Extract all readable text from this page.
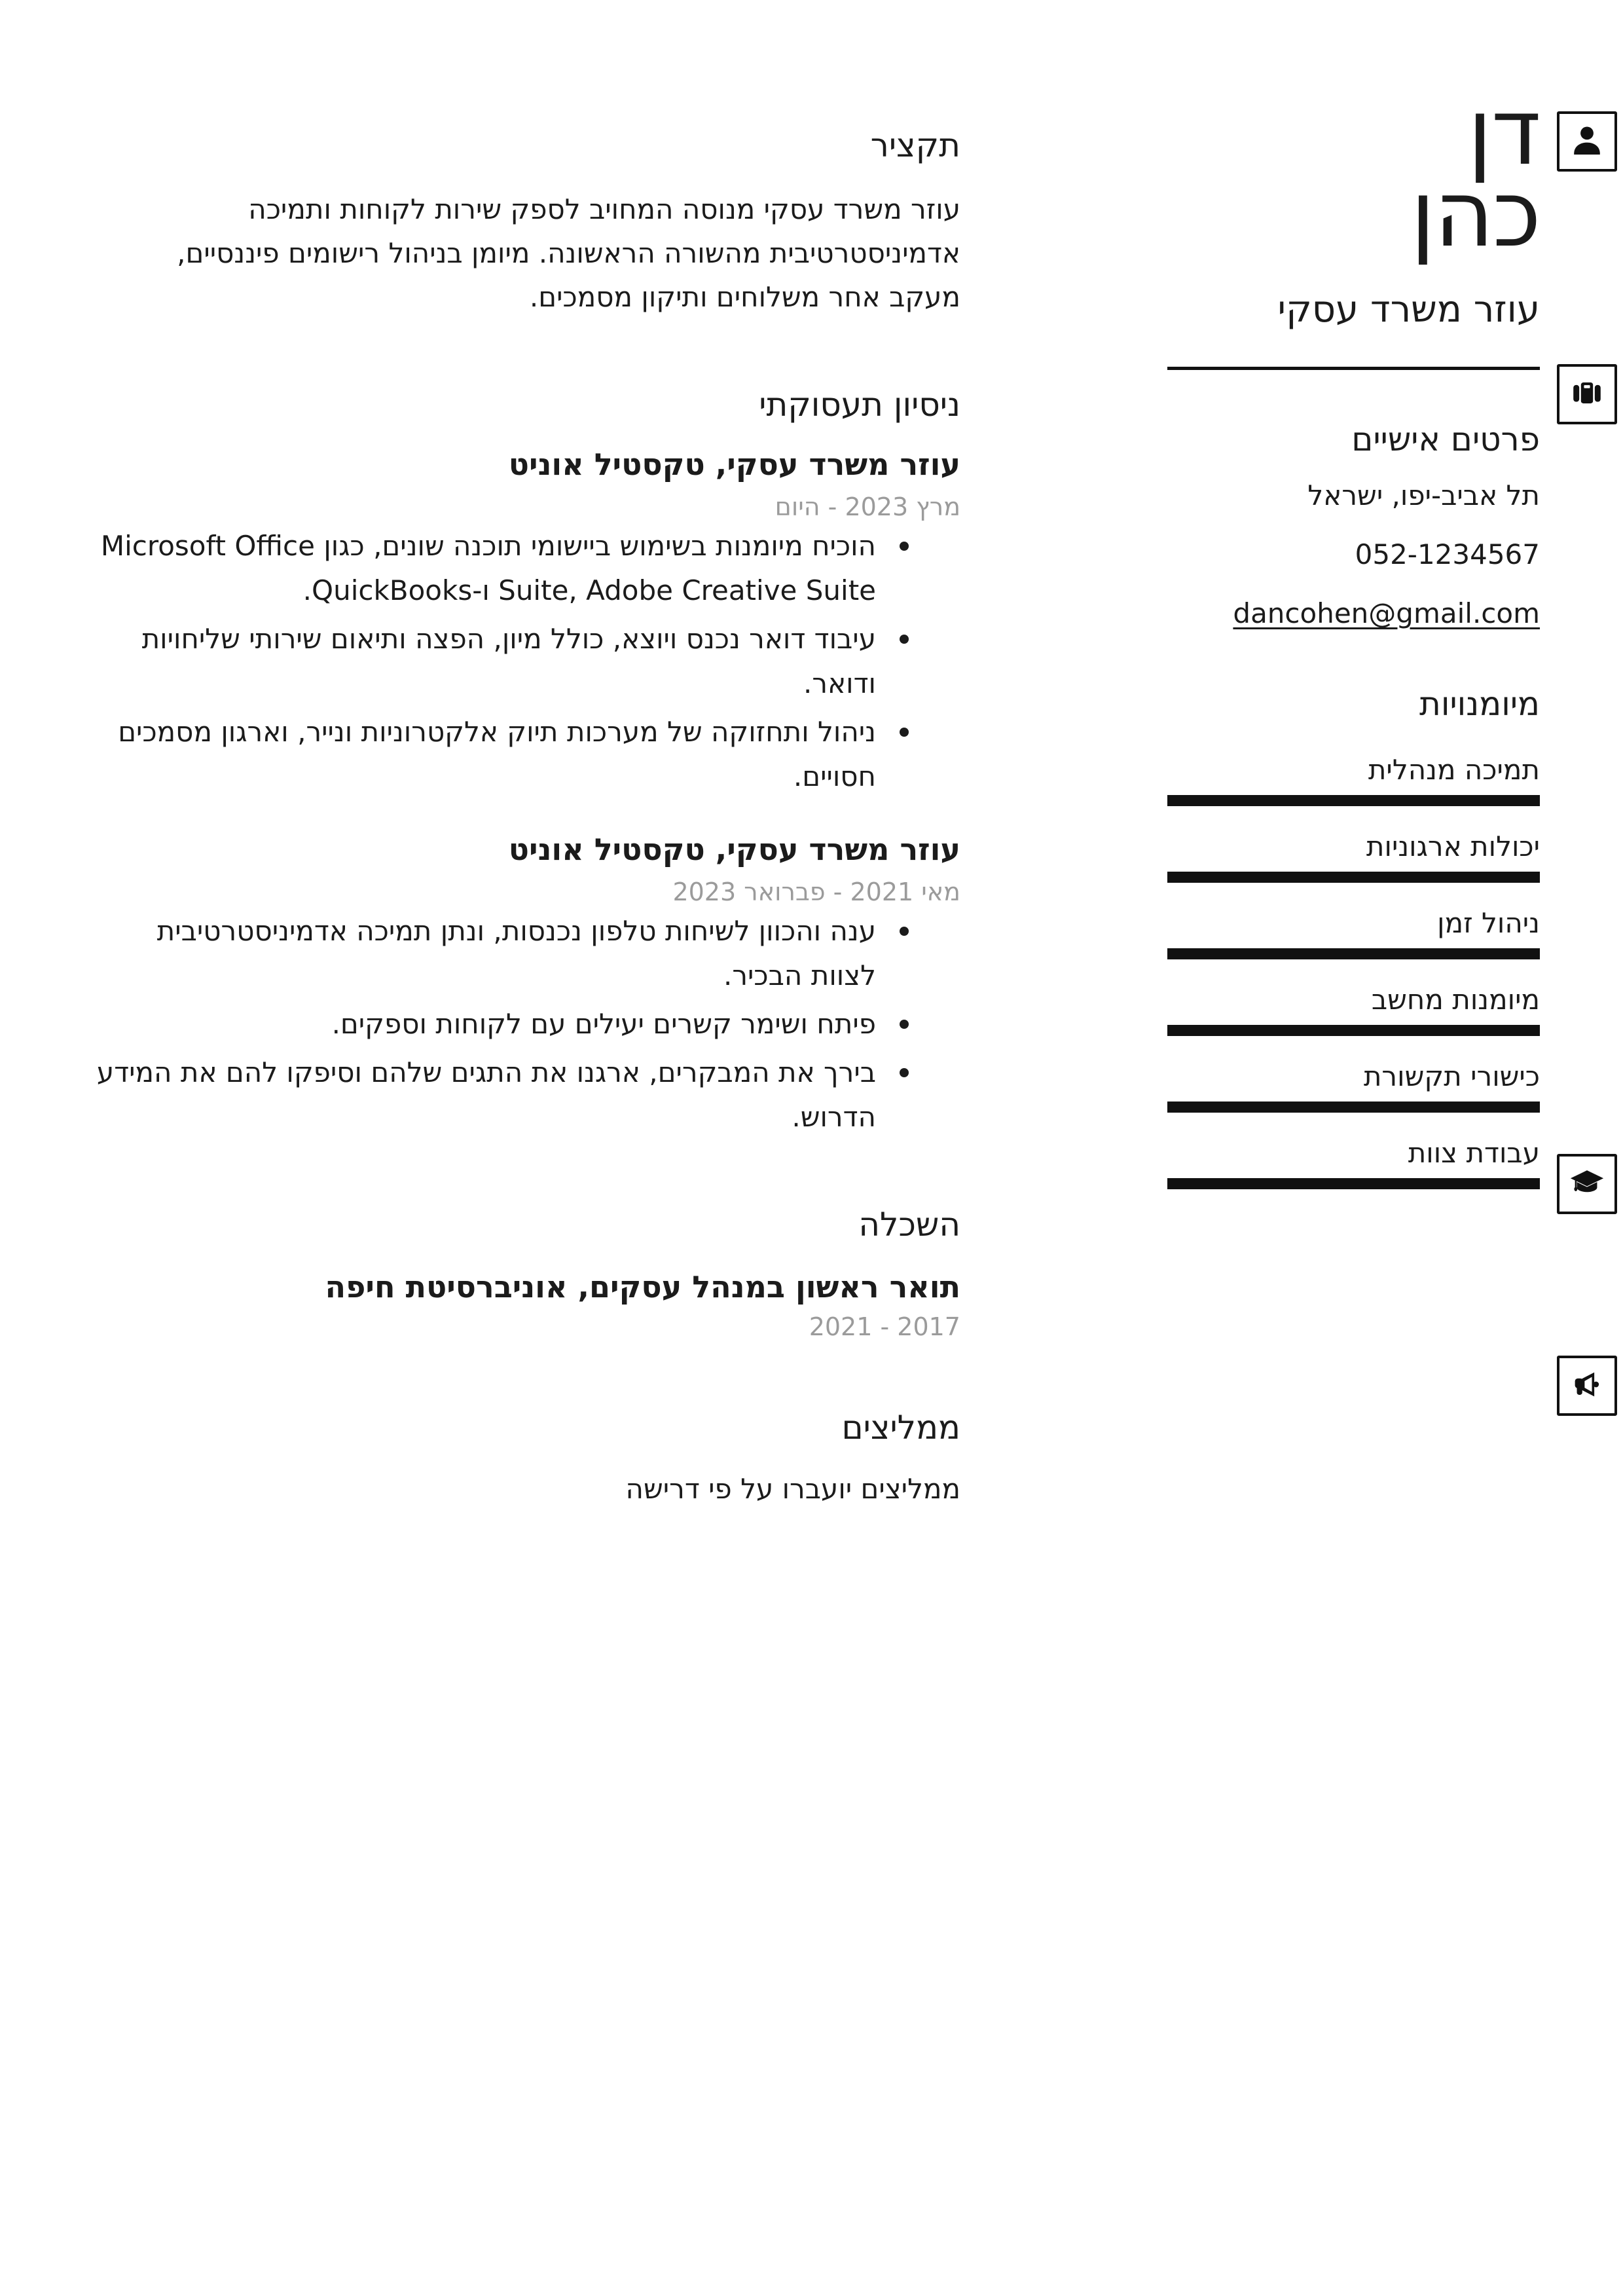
דן
כהן
עוזר משרד עסקי
פרטים אישיים
תל אביב-יפו, ישראל
052-1234567
dancohen@gmail.com
מיומנויות
תמיכה מנהלית
יכולות ארגוניות
ניהול זמן
מיומנות מחשב
כישורי תקשורת
עבודת צוות
תקציר
עוזר משרד עסקי מנוסה המחויב לספק שירות לקוחות ותמיכה אדמיניסטרטיבית מהשורה הראשונה. מיומן בניהול רישומים פיננסיים, מעקב אחר משלוחים ותיקון מסמכים.
ניסיון תעסוקתי
עוזר משרד עסקי, טקסטיל אוניט
מרץ 2023 - היום
הוכיח מיומנות בשימוש ביישומי תוכנה שונים, כגון Microsoft Office Suite, Adobe Creative Suite ו-QuickBooks.
עיבוד דואר נכנס ויוצא, כולל מיון, הפצה ותיאום שירותי שליחויות ודואר.
ניהול ותחזוקה של מערכות תיוק אלקטרוניות ונייר, וארגון מסמכים חסויים.
עוזר משרד עסקי, טקסטיל אוניט
מאי 2021 - פברואר 2023
ענה והכוון לשיחות טלפון נכנסות, ונתן תמיכה אדמיניסטרטיבית לצוות הבכיר.
פיתח ושימר קשרים יעילים עם לקוחות וספקים.
בירך את המבקרים, ארגנו את התגים שלהם וסיפקו להם את המידע הדרוש.
השכלה
תואר ראשון במנהל עסקים, אוניברסיטת חיפה
2017 - 2021
ממליצים
ממליצים יועברו על פי דרישה
